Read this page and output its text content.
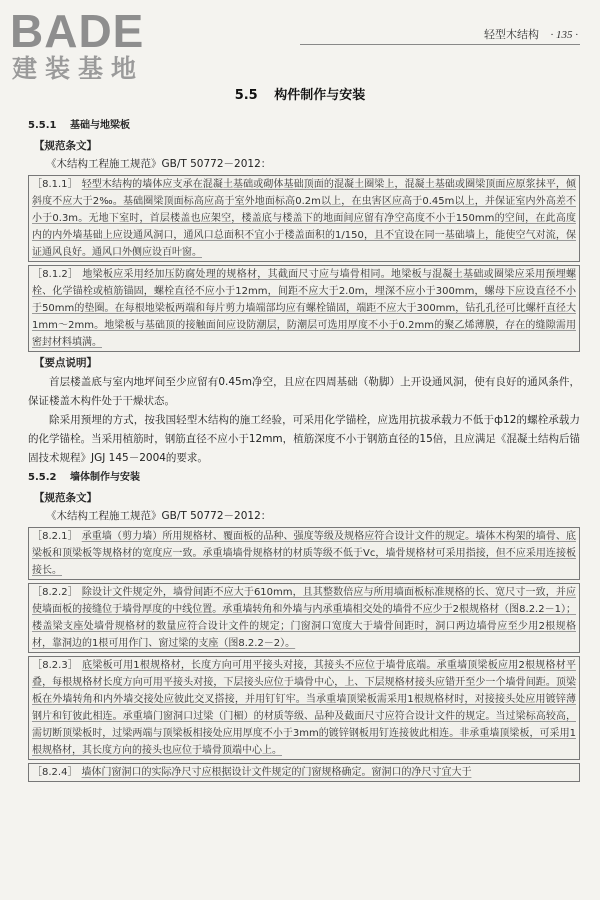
BADE
建装基地
轻型木结构 · 135 ·
5.5 构件制作与安装
5.5.1 基础与地梁板
【规范条文】
《木结构工程施工规范》GB/T 50772－2012：
［8.1.1］ 轻型木结构的墙体应支承在混凝土基础或砌体基础顶面的混凝土圈梁上，混凝土基础或圈梁顶面应原浆抹平，倾斜度不应大于2‰。基础圈梁顶面标高应高于室外地面标高0.2m以上，在虫害区应高于0.45m以上，并保证室内外高差不小于0.3m。无地下室时，首层楼盖也应架空，楼盖底与楼盖下的地面间应留有净空高度不小于150mm的空间，在此高度内的内外墙基础上应设通风洞口，通风口总面积不宜小于楼盖面积的1/150，且不宜设在同一基础墙上，能使空气对流，保证通风良好。通风口外侧应设百叶窗。
［8.1.2］ 地梁板应采用经加压防腐处理的规格材，其截面尺寸应与墙骨相同。地梁板与混凝土基础或圈梁应采用预埋螺栓、化学锚栓或植筋锚固，螺栓直径不应小于12mm，间距不应大于2.0m，埋深不应小于300mm，螺母下应设直径不小于50mm的垫圈。在每根地梁板两端和每片剪力墙端部均应有螺栓锚固，端距不应大于300mm，钻孔孔径可比螺杆直径大1mm～2mm。地梁板与基础顶的接触面间应设防潮层，防潮层可选用厚度不小于0.2mm的聚乙烯薄膜，存在的缝隙需用密封材料填满。
【要点说明】

首层楼盖底与室内地坪间至少应留有0.45m净空，且应在四周基础（勒脚）上开设通风洞，使有良好的通风条件，保证楼盖木构件处于干燥状态。

除采用预埋的方式，按我国轻型木结构的施工经验，可采用化学锚栓，应选用抗拔承载力不低于ф12的螺栓承载力的化学锚栓。当采用植筋时，钢筋直径不应小于12mm，植筋深度不小于钢筋直径的15倍，且应满足《混凝土结构后锚固技术规程》JGJ 145－2004的要求。

5.5.2 墙体制作与安装
【规范条文】
《木结构工程施工规范》GB/T 50772－2012：
［8.2.1］ 承重墙（剪力墙）所用规格材、覆面板的品种、强度等级及规格应符合设计文件的规定。墙体木构架的墙骨、底梁板和顶梁板等规格材的宽度应一致。承重墙墙骨规格材的材质等级不低于Ⅴc，墙骨规格材可采用指接，但不应采用连接板接长。
［8.2.2］ 除设计文件规定外，墙骨间距不应大于610mm，且其整数倍应与所用墙面板标准规格的长、宽尺寸一致，并应使墙面板的接缝位于墙骨厚度的中线位置。承重墙转角和外墙与内承重墙相交处的墙骨不应少于2根规格材（图8.2.2－1）；楼盖梁支座处墙骨规格材的数量应符合设计文件的规定；门窗洞口宽度大于墙骨间距时，洞口两边墙骨应至少用2根规格材，靠洞边的1根可用作门、窗过梁的支座（图8.2.2－2）。
［8.2.3］ 底梁板可用1根规格材，长度方向可用平接头对接，其接头不应位于墙骨底端。承重墙顶梁板应用2根规格材平叠，每根规格材长度方向可用平接头对接，下层接头应位于墙骨中心，上、下层规格材接头应错开至少一个墙骨间距。顶梁板在外墙转角和内外墙交接处应彼此交叉搭接，并用钉钉牢。当承重墙顶梁板需采用1根规格材时，对接接头处应用镀锌薄钢片和钉彼此相连。承重墙门窗洞口过梁（门楣）的材质等级、品种及截面尺寸应符合设计文件的规定。当过梁标高较高，需切断顶梁板时，过梁两端与顶梁板相接处应用厚度不小于3mm的镀锌钢板用钉连接彼此相连。非承重墙顶梁板，可采用1根规格材，其长度方向的接头也应位于墙骨顶端中心上。
［8.2.4］ 墙体门窗洞口的实际净尺寸应根据设计文件规定的门窗规格确定。窗洞口的净尺寸宜大于
